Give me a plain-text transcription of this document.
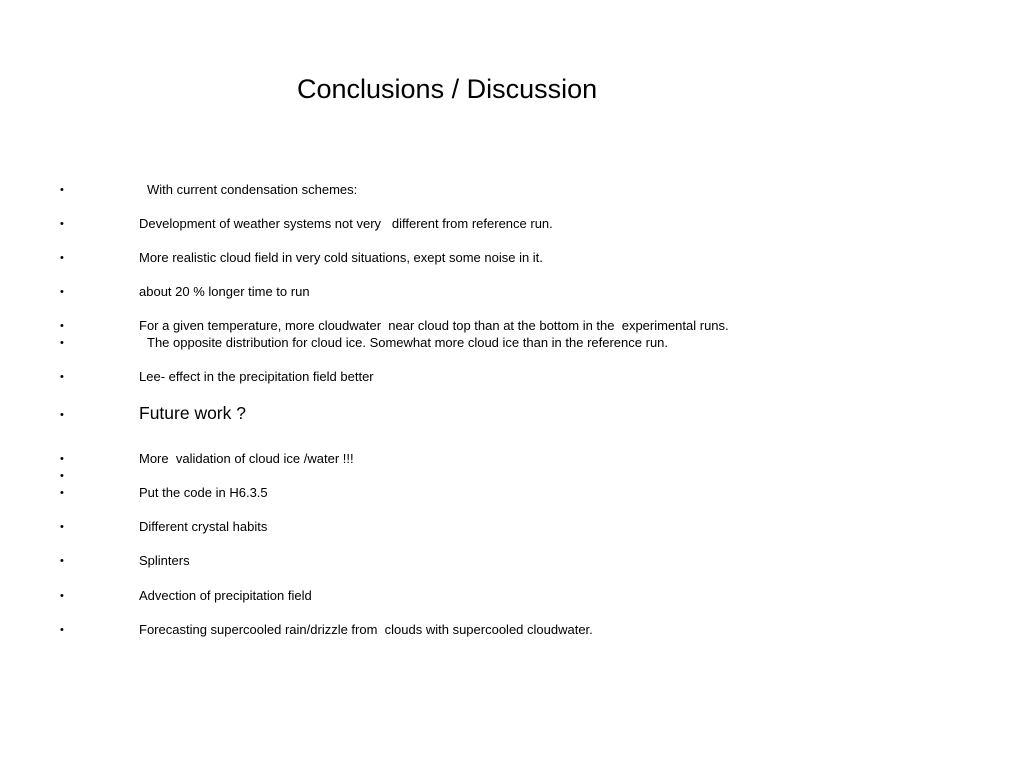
Conclusions / Discussion
•	With current condensation schemes:
•	Development of weather systems not very   different from reference run.
•	More realistic cloud field in very cold situations, exept some noise in it.
•	about 20 % longer time to run
•	For a given temperature, more cloudwater  near cloud top than at the bottom in the  experimental runs.
•	The opposite distribution for cloud ice. Somewhat more cloud ice than in the reference run.
•	Lee- effect in the precipitation field better
•	Future work ?
•	More  validation of cloud ice /water !!!
•
•	Put the code in H6.3.5
•	Different crystal habits
•	Splinters
•	Advection of precipitation field
•	Forecasting supercooled rain/drizzle from  clouds with supercooled cloudwater.
